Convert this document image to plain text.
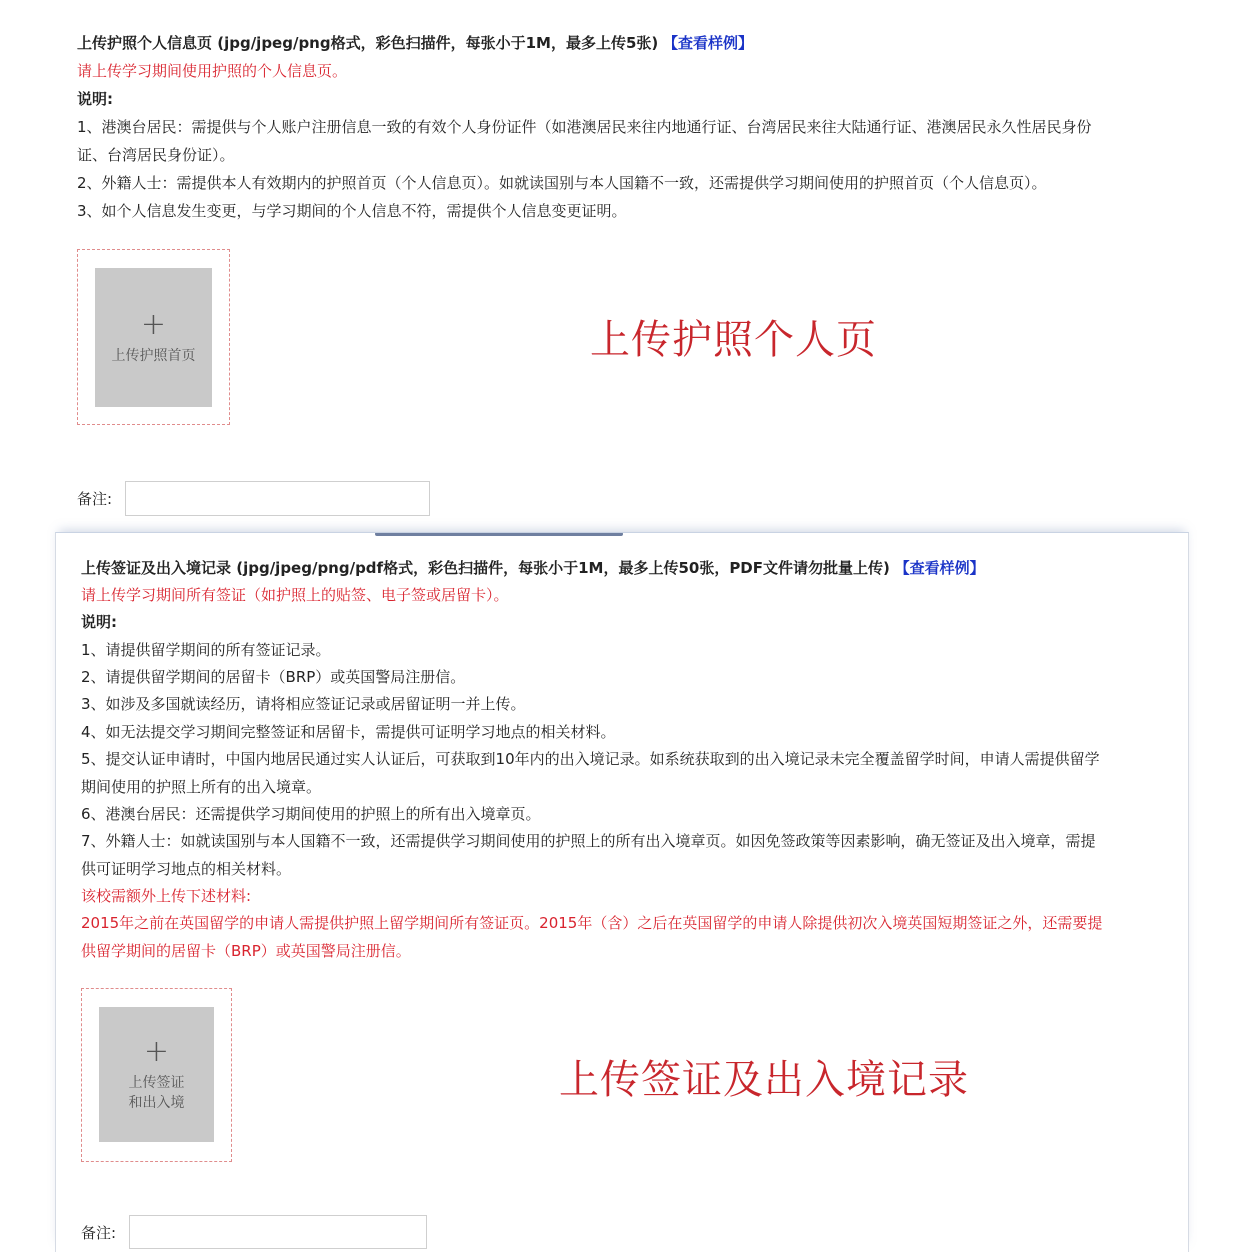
上传护照个人信息页 (jpg/jpeg/png格式，彩色扫描件，每张小于1M，最多上传5张) 【查看样例】
请上传学习期间使用护照的个人信息页。
说明:
1、港澳台居民：需提供与个人账户注册信息一致的有效个人身份证件（如港澳居民来往内地通行证、台湾居民来往大陆通行证、港澳居民永久性居民身份
证、台湾居民身份证）。
2、外籍人士：需提供本人有效期内的护照首页（个人信息页）。如就读国别与本人国籍不一致，还需提供学习期间使用的护照首页（个人信息页）。
3、如个人信息发生变更，与学习期间的个人信息不符，需提供个人信息变更证明。
+
上传护照首页	上传护照个人页
备注:
上传签证及出入境记录 (jpg/jpeg/png/pdf格式，彩色扫描件，每张小于1M，最多上传50张，PDF文件请勿批量上传) 【查看样例】
请上传学习期间所有签证（如护照上的贴签、电子签或居留卡）。
说明:
1、请提供留学期间的所有签证记录。
2、请提供留学期间的居留卡（BRP）或英国警局注册信。
3、如涉及多国就读经历，请将相应签证记录或居留证明一并上传。
4、如无法提交学习期间完整签证和居留卡，需提供可证明学习地点的相关材料。
5、提交认证申请时，中国内地居民通过实人认证后，可获取到10年内的出入境记录。如系统获取到的出入境记录未完全覆盖留学时间，申请人需提供留学
期间使用的护照上所有的出入境章。
6、港澳台居民：还需提供学习期间使用的护照上的所有出入境章页。
7、外籍人士：如就读国别与本人国籍不一致，还需提供学习期间使用的护照上的所有出入境章页。如因免签政策等因素影响，确无签证及出入境章，需提
供可证明学习地点的相关材料。
该校需额外上传下述材料:
2015年之前在英国留学的申请人需提供护照上留学期间所有签证页。2015年（含）之后在英国留学的申请人除提供初次入境英国短期签证之外，还需要提
供留学期间的居留卡（BRP）或英国警局注册信。
+
上传签证
和出入境	上传签证及出入境记录
备注:
